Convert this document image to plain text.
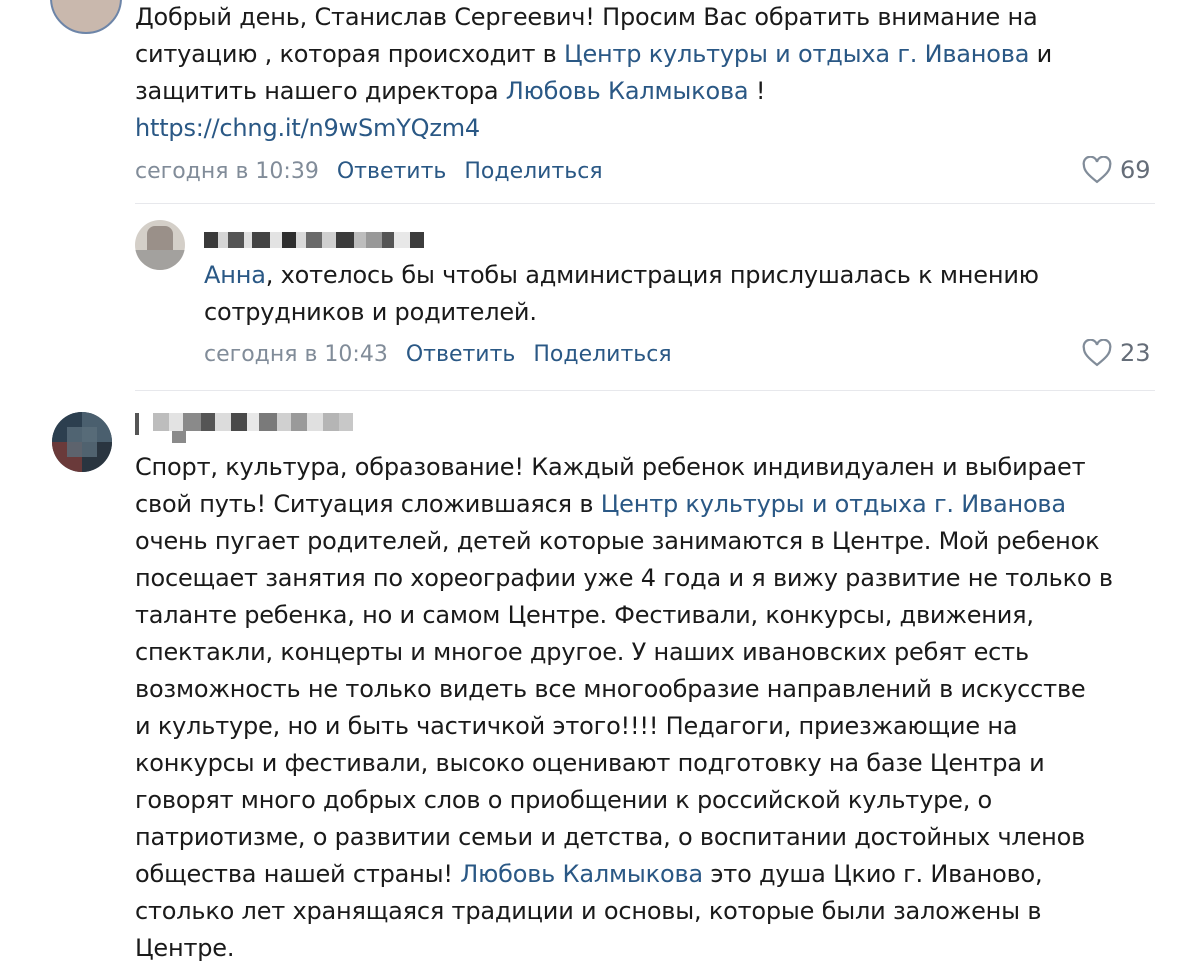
Добрый день, Станислав Сергеевич! Просим Вас обратить внимание на
ситуацию , которая происходит в Центр культуры и отдыха г. Иванова и
защитить нашего директора Любовь Калмыкова !
https://chng.it/n9wSmYQzm4
сегодня в 10:39 Ответить Поделиться	69
Анна, хотелось бы чтобы администрация прислушалась к мнению
сотрудников и родителей.
сегодня в 10:43 Ответить Поделиться	23
Спорт, культура, образование! Каждый ребенок индивидуален и выбирает
свой путь! Ситуация сложившаяся в Центр культуры и отдыха г. Иванова
очень пугает родителей, детей которые занимаются в Центре. Мой ребенок
посещает занятия по хореографии уже 4 года и я вижу развитие не только в
таланте ребенка, но и самом Центре. Фестивали, конкурсы, движения,
спектакли, концерты и многое другое. У наших ивановских ребят есть
возможность не только видеть все многообразие направлений в искусстве
и культуре, но и быть частичкой этого!!!! Педагоги, приезжающие на
конкурсы и фестивали, высоко оценивают подготовку на базе Центра и
говорят много добрых слов о приобщении к российской культуре, о
патриотизме, о развитии семьи и детства, о воспитании достойных членов
общества нашей страны! Любовь Калмыкова это душа Цкио г. Иваново,
столько лет хранящаяся традиции и основы, которые были заложены в
Центре.
